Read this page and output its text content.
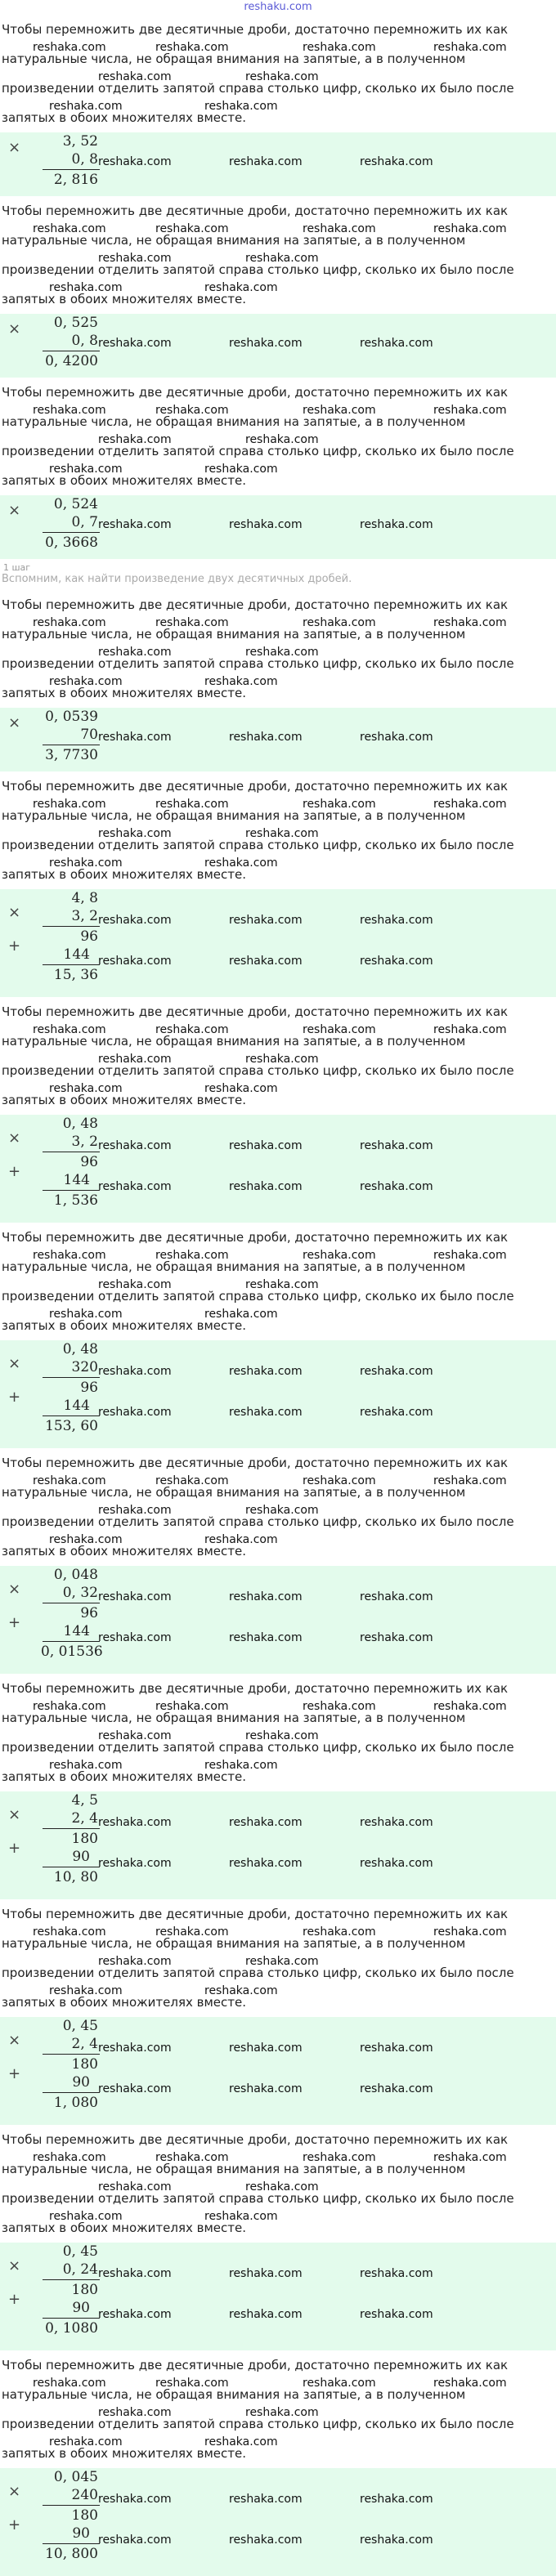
reshaku.com

Чтобы перемножить две десятичные дроби, достаточно перемножить их как

натуральные числа, не обращая внимания на запятые, а в полученном

произведении отделить запятой справа столько цифр, сколько их было после

запятых в обоих множителях вместе.

reshaka.com	reshaka.com	reshaka.com	reshaka.com
reshaka.com	reshaka.com
reshaka.com	reshaka.com
3, 52
0, 8
×
2, 816
reshaka.com	reshaka.com	reshaka.com

Чтобы перемножить две десятичные дроби, достаточно перемножить их как

натуральные числа, не обращая внимания на запятые, а в полученном

произведении отделить запятой справа столько цифр, сколько их было после

запятых в обоих множителях вместе.

reshaka.com	reshaka.com	reshaka.com	reshaka.com
reshaka.com	reshaka.com
reshaka.com	reshaka.com
0, 525
0, 8
×
0, 4200
reshaka.com	reshaka.com	reshaka.com

Чтобы перемножить две десятичные дроби, достаточно перемножить их как

натуральные числа, не обращая внимания на запятые, а в полученном

произведении отделить запятой справа столько цифр, сколько их было после

запятых в обоих множителях вместе.

reshaka.com	reshaka.com	reshaka.com	reshaka.com
reshaka.com	reshaka.com
reshaka.com	reshaka.com
0, 524
0, 7
×
0, 3668
reshaka.com	reshaka.com	reshaka.com
1 шаг
Вспомним, как найти произведение двух десятичных дробей.

Чтобы перемножить две десятичные дроби, достаточно перемножить их как

натуральные числа, не обращая внимания на запятые, а в полученном

произведении отделить запятой справа столько цифр, сколько их было после

запятых в обоих множителях вместе.

reshaka.com	reshaka.com	reshaka.com	reshaka.com
reshaka.com	reshaka.com
reshaka.com	reshaka.com
0, 0539
70
×
3, 7730
reshaka.com	reshaka.com	reshaka.com

Чтобы перемножить две десятичные дроби, достаточно перемножить их как

натуральные числа, не обращая внимания на запятые, а в полученном

произведении отделить запятой справа столько цифр, сколько их было после

запятых в обоих множителях вместе.

reshaka.com	reshaka.com	reshaka.com	reshaka.com
reshaka.com	reshaka.com
reshaka.com	reshaka.com
4, 8
3, 2
×
96
144
+
15, 36
reshaka.com	reshaka.com	reshaka.com
reshaka.com	reshaka.com	reshaka.com

Чтобы перемножить две десятичные дроби, достаточно перемножить их как

натуральные числа, не обращая внимания на запятые, а в полученном

произведении отделить запятой справа столько цифр, сколько их было после

запятых в обоих множителях вместе.

reshaka.com	reshaka.com	reshaka.com	reshaka.com
reshaka.com	reshaka.com
reshaka.com	reshaka.com
0, 48
3, 2
×
96
144
+
1, 536
reshaka.com	reshaka.com	reshaka.com
reshaka.com	reshaka.com	reshaka.com

Чтобы перемножить две десятичные дроби, достаточно перемножить их как

натуральные числа, не обращая внимания на запятые, а в полученном

произведении отделить запятой справа столько цифр, сколько их было после

запятых в обоих множителях вместе.

reshaka.com	reshaka.com	reshaka.com	reshaka.com
reshaka.com	reshaka.com
reshaka.com	reshaka.com
0, 48
320
×
96
144
+
153, 60
reshaka.com	reshaka.com	reshaka.com
reshaka.com	reshaka.com	reshaka.com

Чтобы перемножить две десятичные дроби, достаточно перемножить их как

натуральные числа, не обращая внимания на запятые, а в полученном

произведении отделить запятой справа столько цифр, сколько их было после

запятых в обоих множителях вместе.

reshaka.com	reshaka.com	reshaka.com	reshaka.com
reshaka.com	reshaka.com
reshaka.com	reshaka.com
0, 048
0, 32
×
96
144
+
0, 01536
reshaka.com	reshaka.com	reshaka.com
reshaka.com	reshaka.com	reshaka.com

Чтобы перемножить две десятичные дроби, достаточно перемножить их как

натуральные числа, не обращая внимания на запятые, а в полученном

произведении отделить запятой справа столько цифр, сколько их было после

запятых в обоих множителях вместе.

reshaka.com	reshaka.com	reshaka.com	reshaka.com
reshaka.com	reshaka.com
reshaka.com	reshaka.com
4, 5
2, 4
×
180
90
+
10, 80
reshaka.com	reshaka.com	reshaka.com
reshaka.com	reshaka.com	reshaka.com

Чтобы перемножить две десятичные дроби, достаточно перемножить их как

натуральные числа, не обращая внимания на запятые, а в полученном

произведении отделить запятой справа столько цифр, сколько их было после

запятых в обоих множителях вместе.

reshaka.com	reshaka.com	reshaka.com	reshaka.com
reshaka.com	reshaka.com
reshaka.com	reshaka.com
0, 45
2, 4
×
180
90
+
1, 080
reshaka.com	reshaka.com	reshaka.com
reshaka.com	reshaka.com	reshaka.com

Чтобы перемножить две десятичные дроби, достаточно перемножить их как

натуральные числа, не обращая внимания на запятые, а в полученном

произведении отделить запятой справа столько цифр, сколько их было после

запятых в обоих множителях вместе.

reshaka.com	reshaka.com	reshaka.com	reshaka.com
reshaka.com	reshaka.com
reshaka.com	reshaka.com
0, 45
0, 24
×
180
90
+
0, 1080
reshaka.com	reshaka.com	reshaka.com
reshaka.com	reshaka.com	reshaka.com

Чтобы перемножить две десятичные дроби, достаточно перемножить их как

натуральные числа, не обращая внимания на запятые, а в полученном

произведении отделить запятой справа столько цифр, сколько их было после

запятых в обоих множителях вместе.

reshaka.com	reshaka.com	reshaka.com	reshaka.com
reshaka.com	reshaka.com
reshaka.com	reshaka.com
0, 045
240
×
180
90
+
10, 800
reshaka.com	reshaka.com	reshaka.com
reshaka.com	reshaka.com	reshaka.com
